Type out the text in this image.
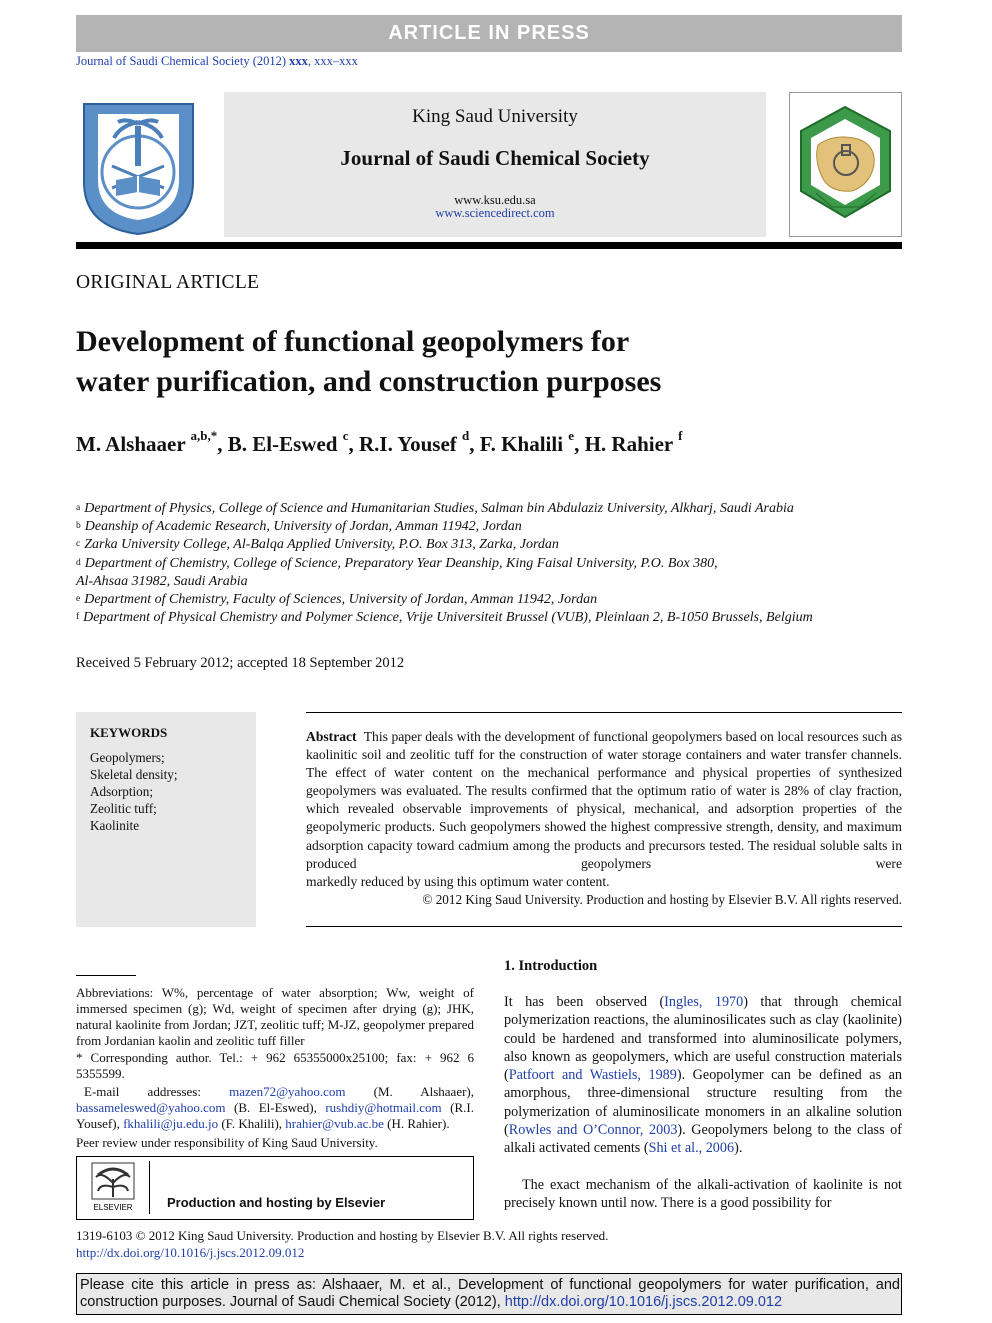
ARTICLE IN PRESS
Journal of Saudi Chemical Society (2012) xxx, xxx–xxx
King Saud University
Journal of Saudi Chemical Society
www.ksu.edu.sa
www.sciencedirect.com
ORIGINAL ARTICLE
Development of functional geopolymers for
water purification, and construction purposes
M. Alshaaer $^{a,b,*}$, B. El-Eswed $^c$, R.I. Yousef $^d$, F. Khalili $^e$, H. Rahier $^f$
$^a$ Department of Physics, College of Science and Humanitarian Studies, Salman bin Abdulaziz University, Alkharj, Saudi Arabia
$^b$ Deanship of Academic Research, University of Jordan, Amman 11942, Jordan
$^c$ Zarka University College, Al-Balqa Applied University, P.O. Box 313, Zarka, Jordan
$^d$ Department of Chemistry, College of Science, Preparatory Year Deanship, King Faisal University, P.O. Box 380,
Al-Ahsaa 31982, Saudi Arabia
$^e$ Department of Chemistry, Faculty of Sciences, University of Jordan, Amman 11942, Jordan
$^f$ Department of Physical Chemistry and Polymer Science, Vrije Universiteit Brussel (VUB), Pleinlaan 2, B-1050 Brussels, Belgium
Received 5 February 2012; accepted 18 September 2012
KEYWORDS
Geopolymers;
Skeletal density;
Adsorption;
Zeolitic tuff;
Kaolinite
Abstract This paper deals with the development of functional geopolymers based on local resources such as kaolinitic soil and zeolitic tuff for the construction of water storage containers and water transfer channels. The effect of water content on the mechanical performance and physical properties of synthesized geopolymers was evaluated. The results confirmed that the optimum ratio of water is 28% of clay fraction, which revealed observable improvements of physical, mechanical, and adsorption properties of the geopolymeric products. Such geopolymers showed the highest compressive strength, density, and maximum adsorption capacity toward cadmium among the products and precursors tested. The residual soluble salts in produced geopolymers were
markedly reduced by using this optimum water content.
© 2012 King Saud University. Production and hosting by Elsevier B.V. All rights reserved.
Abbreviations: W%, percentage of water absorption; Ww, weight of immersed specimen (g); Wd, weight of specimen after drying (g); JHK, natural kaolinite from Jordan; JZT, zeolitic tuff; M-JZ, geopolymer prepared from Jordanian kaolin and zeolitic tuff filler
* Corresponding author. Tel.: + 962 65355000x25100; fax: + 962 6 5355599.
E-mail addresses: mazen72@yahoo.com (M. Alshaaer), bassameleswed@yahoo.com (B. El-Eswed), rushdiy@hotmail.com (R.I. Yousef), fkhalili@ju.edu.jo (F. Khalili), hrahier@vub.ac.be (H. Rahier).
Peer review under responsibility of King Saud University.
ELSEVIER	Production and hosting by Elsevier
1. Introduction
It has been observed (Ingles, 1970) that through chemical polymerization reactions, the aluminosilicates such as clay (kaolinite) could be hardened and transformed into aluminosilicate polymers, also known as geopolymers, which are useful construction materials (Patfoort and Wastiels, 1989). Geopolymer can be defined as an amorphous, three-dimensional structure resulting from the polymerization of aluminosilicate monomers in an alkaline solution (Rowles and O’Connor, 2003). Geopolymers belong to the class of alkali activated cements (Shi et al., 2006).
The exact mechanism of the alkali-activation of kaolinite is not precisely known until now. There is a good possibility for
1319-6103 © 2012 King Saud University. Production and hosting by Elsevier B.V. All rights reserved.
http://dx.doi.org/10.1016/j.jscs.2012.09.012
Please cite this article in press as: Alshaaer, M. et al., Development of functional geopolymers for water purification, and construction purposes. Journal of Saudi Chemical Society (2012), http://dx.doi.org/10.1016/j.jscs.2012.09.012
